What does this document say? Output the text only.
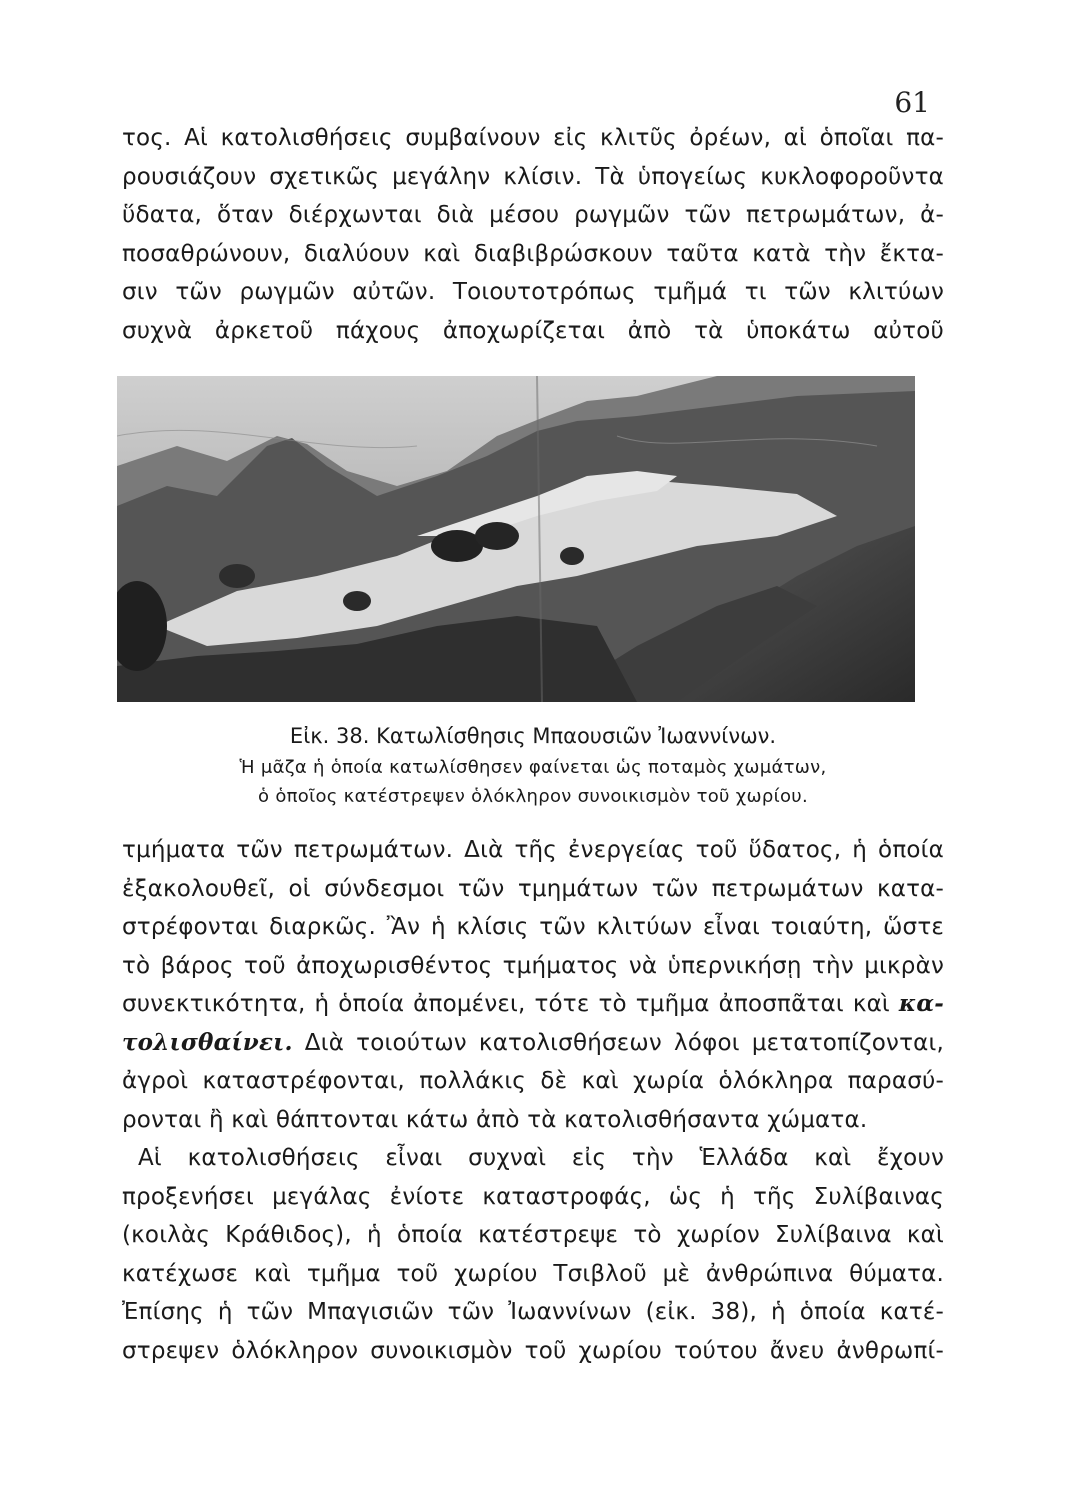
61
τος. Αἱ κατολισθήσεις συμβαίνουν εἰς κλιτῦς ὀρέων, αἱ ὁποῖαι πα-
ρουσιάζουν σχετικῶς μεγάλην κλίσιν. Τὰ ὑπογείως κυκλοφοροῦντα
ὕδατα, ὅταν διέρχωνται διὰ μέσου ρωγμῶν τῶν πετρωμάτων, ἀ-
ποσαθρώνουν, διαλύουν καὶ διαβιβρώσκουν ταῦτα κατὰ τὴν ἔκτα-
σιν τῶν ρωγμῶν αὐτῶν. Τοιουτοτρόπως τμῆμά τι τῶν κλιτύων
συχνὰ ἀρκετοῦ πάχους ἀποχωρίζεται ἀπὸ τὰ ὑποκάτω αὐτοῦ
Εἰκ. 38. Κατωλίσθησις Μπαουσιῶν Ἰωαννίνων.
Ἡ μᾶζα ἡ ὁποία κατωλίσθησεν φαίνεται ὡς ποταμὸς χωμάτων,
ὁ ὁποῖος κατέστρεψεν ὁλόκληρον συνοικισμὸν τοῦ χωρίου.
τμήματα τῶν πετρωμάτων. Διὰ τῆς ἐνεργείας τοῦ ὕδατος, ἡ ὁποία
ἐξακολουθεῖ, οἱ σύνδεσμοι τῶν τμημάτων τῶν πετρωμάτων κατα-
στρέφονται διαρκῶς. Ἂν ἡ κλίσις τῶν κλιτύων εἶναι τοιαύτη, ὥστε
τὸ βάρος τοῦ ἀποχωρισθέντος τμήματος νὰ ὑπερνικήσῃ τὴν μικρὰν
συνεκτικότητα, ἡ ὁποία ἀπομένει, τότε τὸ τμῆμα ἀποσπᾶται καὶ κα-
τολισθαίνει. Διὰ τοιούτων κατολισθήσεων λόφοι μετατοπίζονται,
ἀγροὶ καταστρέφονται, πολλάκις δὲ καὶ χωρία ὁλόκληρα παρασύ-
ρονται ἢ καὶ θάπτονται κάτω ἀπὸ τὰ κατολισθήσαντα χώματα.
Αἱ κατολισθήσεις εἶναι συχναὶ εἰς τὴν Ἑλλάδα καὶ ἔχουν
προξενήσει μεγάλας ἐνίοτε καταστροφάς, ὡς ἡ τῆς Συλίβαινας
(κοιλὰς Κράθιδος), ἡ ὁποία κατέστρεψε τὸ χωρίον Συλίβαινα καὶ
κατέχωσε καὶ τμῆμα τοῦ χωρίου Τσιβλοῦ μὲ ἀνθρώπινα θύματα.
Ἐπίσης ἡ τῶν Μπαγισιῶν τῶν Ἰωαννίνων (εἰκ. 38), ἡ ὁποία κατέ-
στρεψεν ὁλόκληρον συνοικισμὸν τοῦ χωρίου τούτου ἄνευ ἀνθρωπί-
